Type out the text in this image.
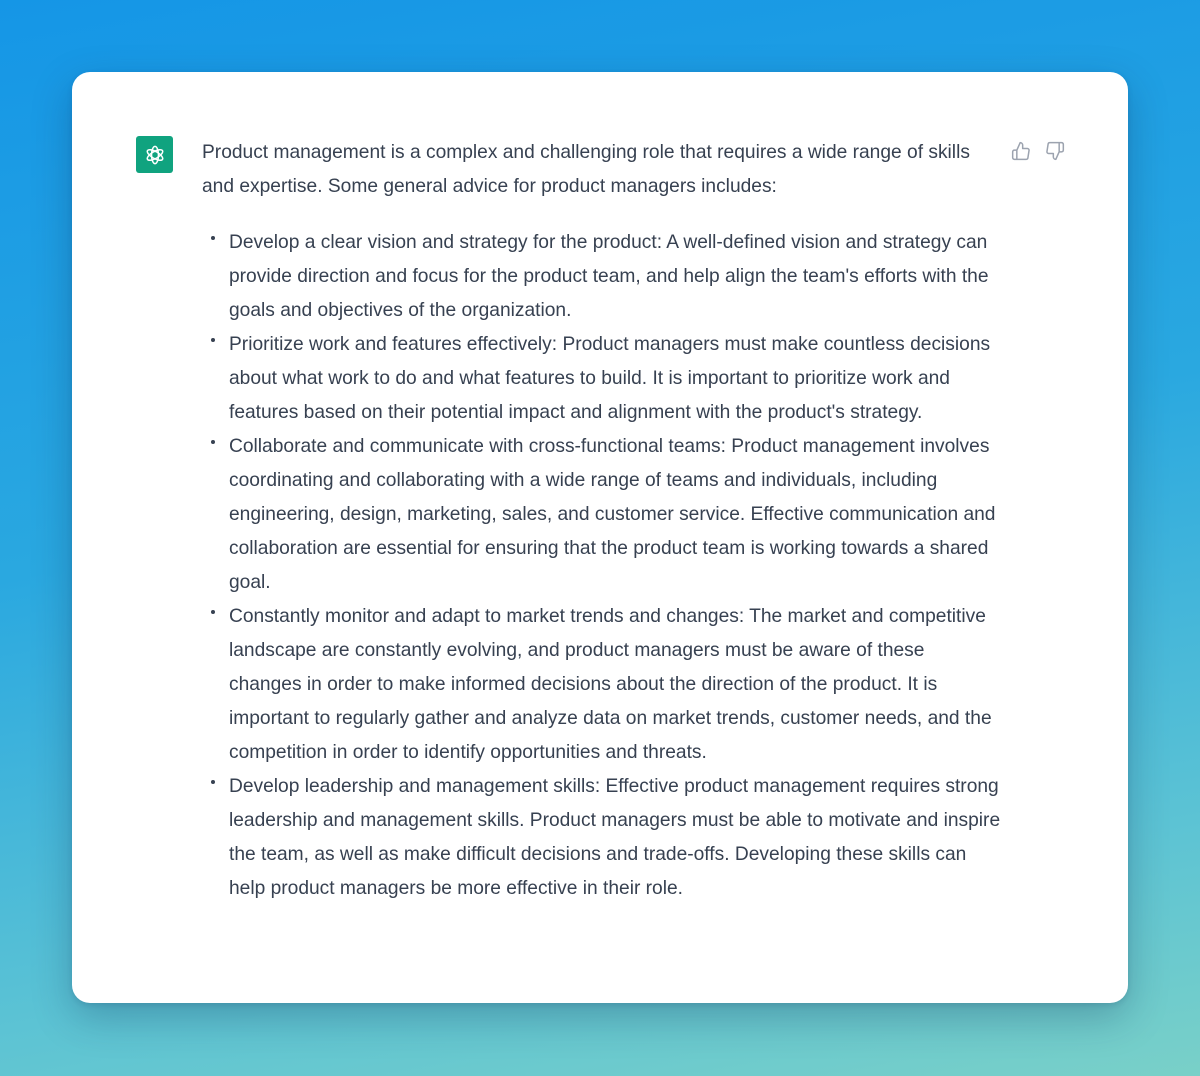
Product management is a complex and challenging role that requires a wide range of skills and expertise. Some general advice for product managers includes:

Develop a clear vision and strategy for the product: A well-defined vision and strategy can provide direction and focus for the product team, and help align the team's efforts with the goals and objectives of the organization.
Prioritize work and features effectively: Product managers must make countless decisions about what work to do and what features to build. It is important to prioritize work and features based on their potential impact and alignment with the product's strategy.
Collaborate and communicate with cross-functional teams: Product management involves coordinating and collaborating with a wide range of teams and individuals, including engineering, design, marketing, sales, and customer service. Effective communication and collaboration are essential for ensuring that the product team is working towards a shared goal.
Constantly monitor and adapt to market trends and changes: The market and competitive landscape are constantly evolving, and product managers must be aware of these changes in order to make informed decisions about the direction of the product. It is important to regularly gather and analyze data on market trends, customer needs, and the competition in order to identify opportunities and threats.
Develop leadership and management skills: Effective product management requires strong leadership and management skills. Product managers must be able to motivate and inspire the team, as well as make difficult decisions and trade-offs. Developing these skills can help product managers be more effective in their role.
